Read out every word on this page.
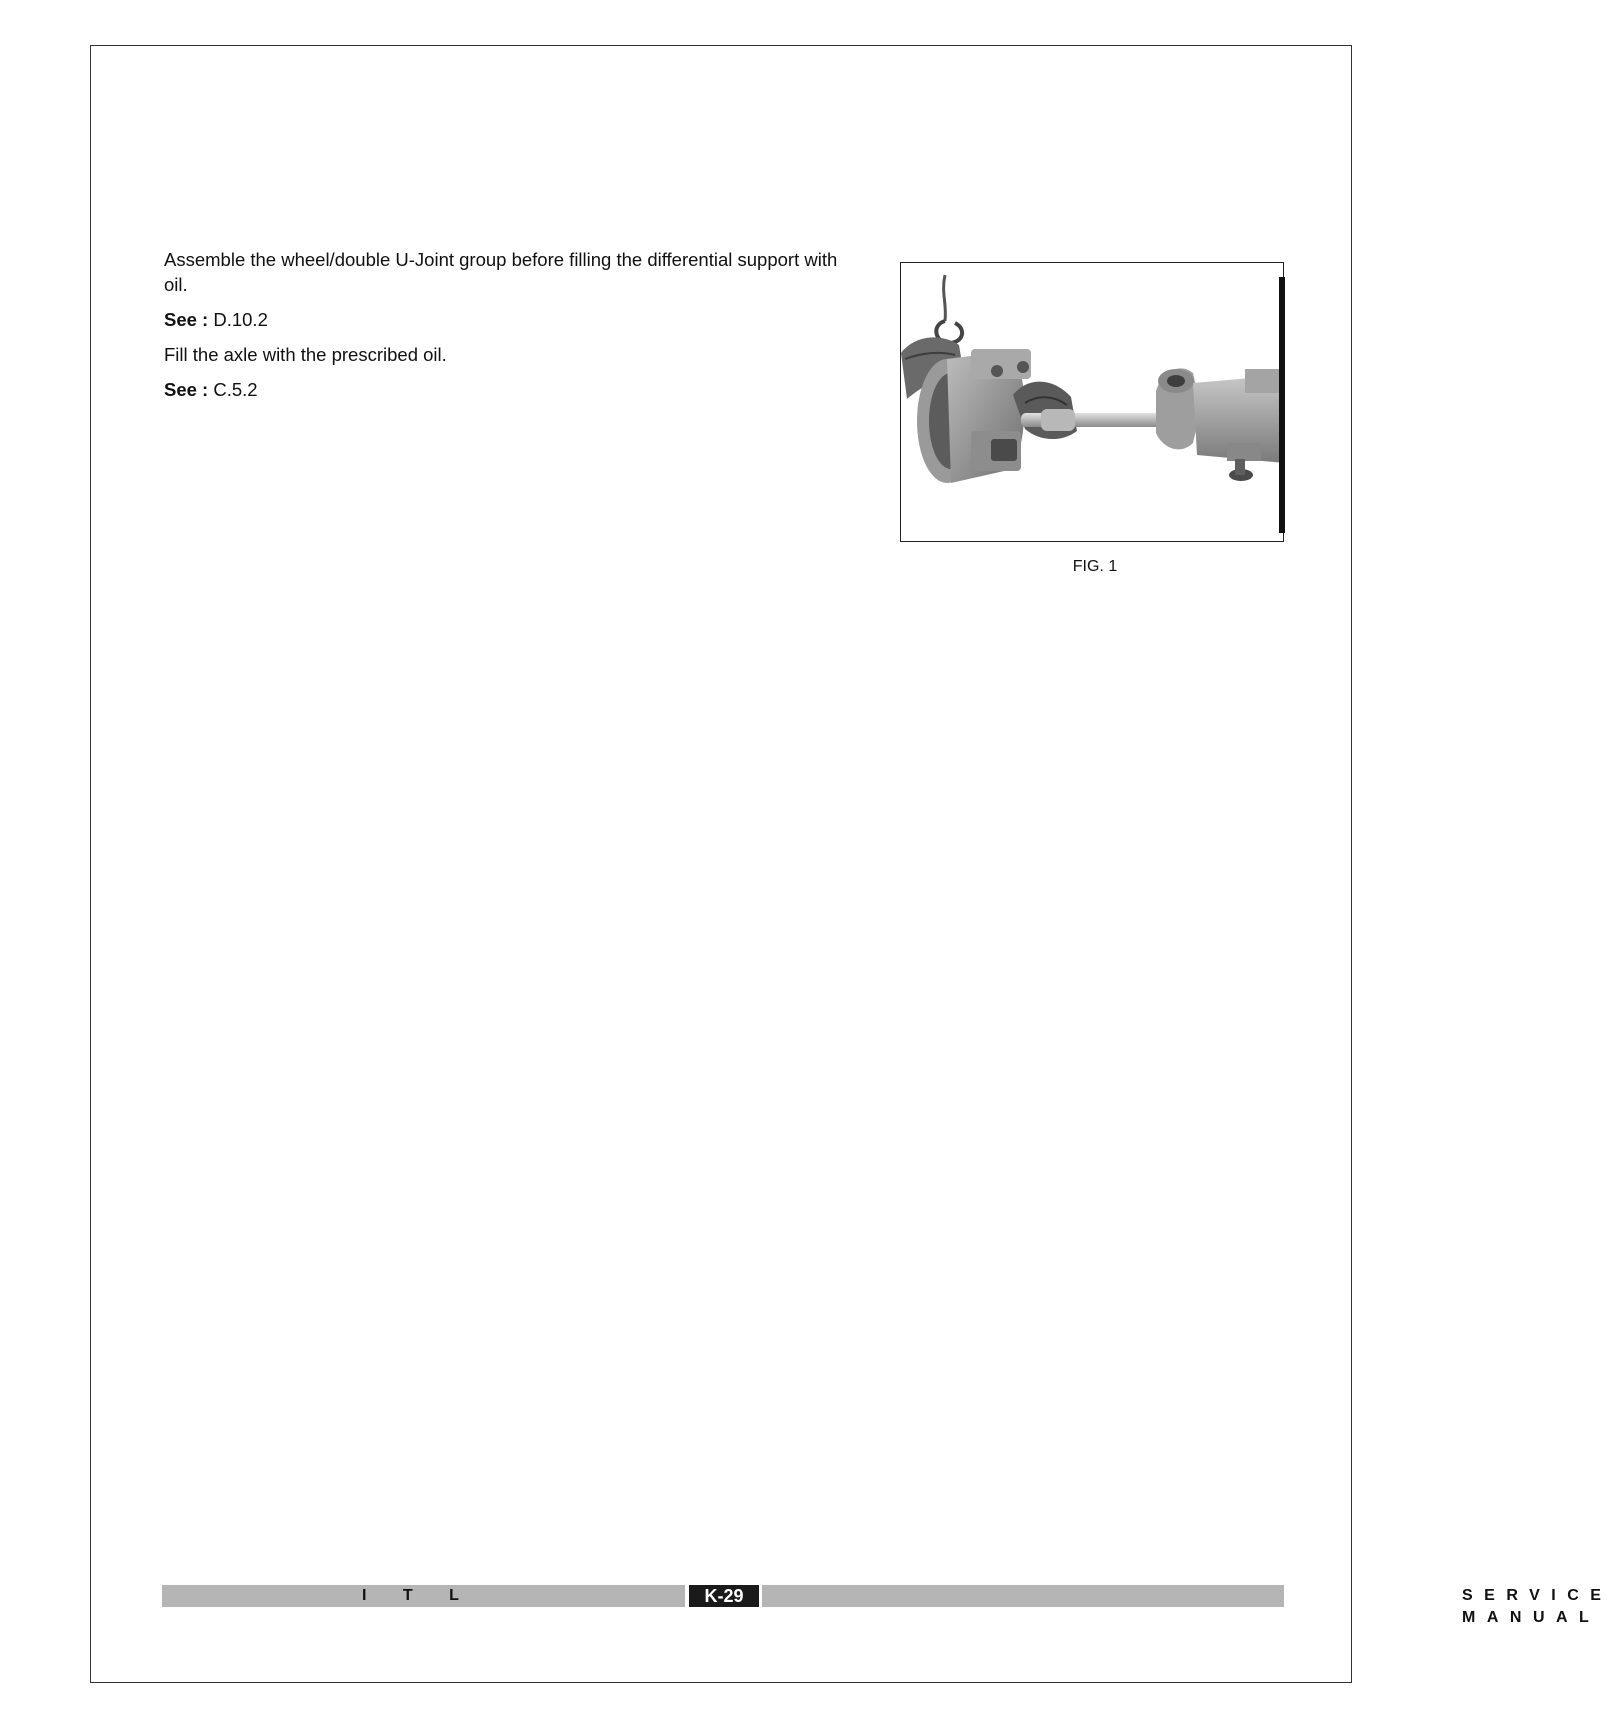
Assemble the wheel/double U-Joint group before filling the differential support with oil.

See : D.10.2

Fill the axle with the prescribed oil.

See : C.5.2

FIG. 1
I T L	K-29	SERVICE MANUAL
